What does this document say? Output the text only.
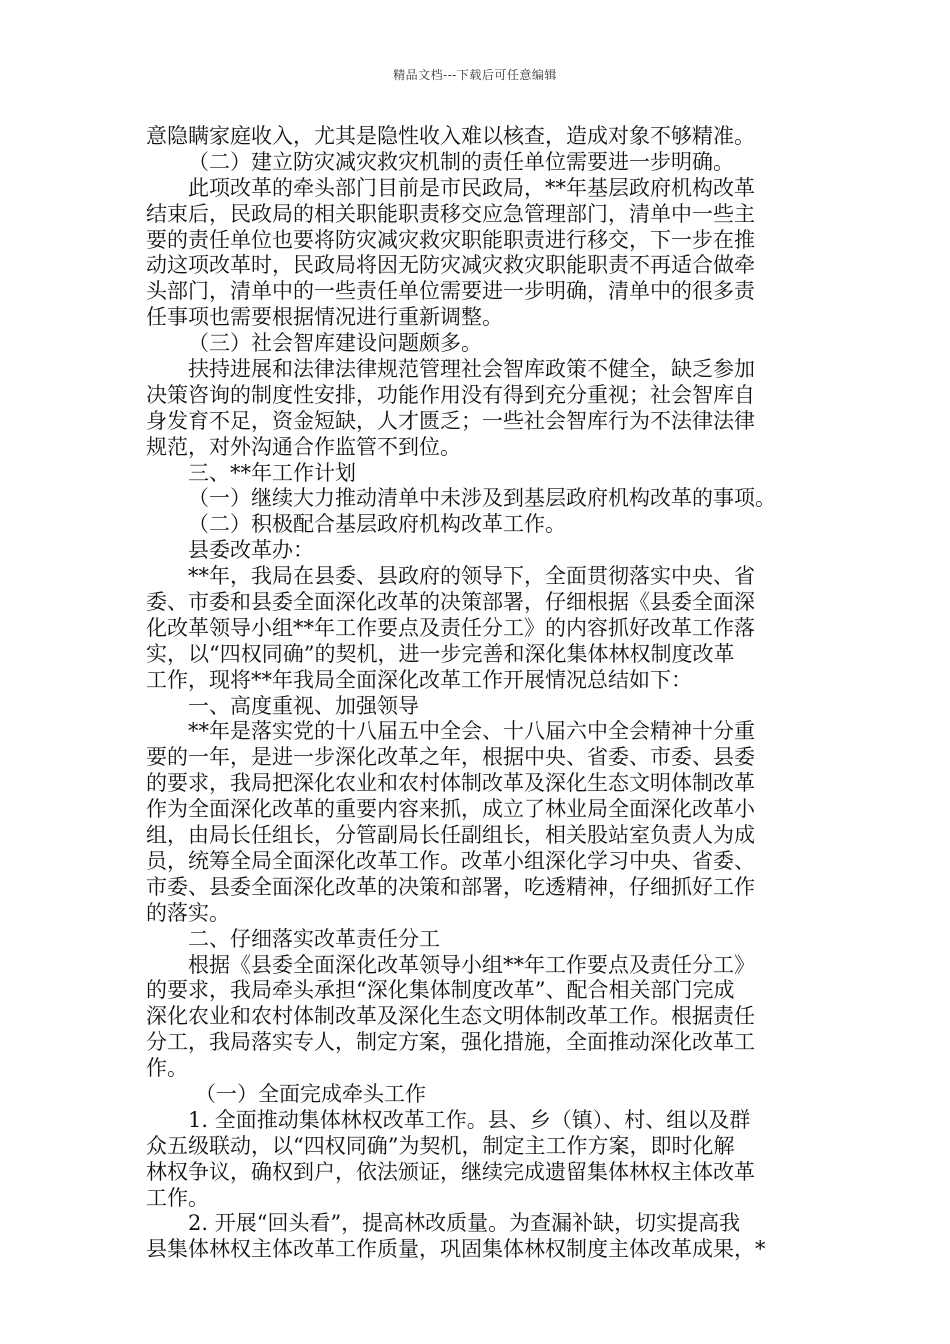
精品文档---下载后可任意编辑
意隐瞒家庭收入，尤其是隐性收入难以核查，造成对象不够精准。
（二）建立防灾减灾救灾机制的责任单位需要进一步明确。
此项改革的牵头部门目前是市民政局，**年基层政府机构改革
结束后，民政局的相关职能职责移交应急管理部门，清单中一些主
要的责任单位也要将防灾减灾救灾职能职责进行移交，下一步在推
动这项改革时，民政局将因无防灾减灾救灾职能职责不再适合做牵
头部门，清单中的一些责任单位需要进一步明确，清单中的很多责
任事项也需要根据情况进行重新调整。
（三）社会智库建设问题颇多。
扶持进展和法律法律规范管理社会智库政策不健全，缺乏参加
决策咨询的制度性安排，功能作用没有得到充分重视；社会智库自
身发育不足，资金短缺，人才匮乏；一些社会智库行为不法律法律
规范，对外沟通合作监管不到位。
三、**年工作计划
（一）继续大力推动清单中未涉及到基层政府机构改革的事项。
（二）积极配合基层政府机构改革工作。
县委改革办：
**年，我局在县委、县政府的领导下，全面贯彻落实中央、省
委、市委和县委全面深化改革的决策部署，仔细根据《县委全面深
化改革领导小组**年工作要点及责任分工》的内容抓好改革工作落
实，以“四权同确”的契机，进一步完善和深化集体林权制度改革
工作，现将**年我局全面深化改革工作开展情况总结如下：
一、高度重视、加强领导
**年是落实党的十八届五中全会、十八届六中全会精神十分重
要的一年，是进一步深化改革之年，根据中央、省委、市委、县委
的要求，我局把深化农业和农村体制改革及深化生态文明体制改革
作为全面深化改革的重要内容来抓，成立了林业局全面深化改革小
组，由局长任组长，分管副局长任副组长，相关股站室负责人为成
员，统筹全局全面深化改革工作。改革小组深化学习中央、省委、
市委、县委全面深化改革的决策和部署，吃透精神，仔细抓好工作
的落实。
二、仔细落实改革责任分工
根据《县委全面深化改革领导小组**年工作要点及责任分工》
的要求，我局牵头承担“深化集体制度改革”、配合相关部门完成
深化农业和农村体制改革及深化生态文明体制改革工作。根据责任
分工，我局落实专人，制定方案，强化措施，全面推动深化改革工
作。
（一）全面完成牵头工作
1. 全面推动集体林权改革工作。县、乡（镇）、村、组以及群
众五级联动，以“四权同确”为契机，制定主工作方案，即时化解
林权争议，确权到户，依法颁证，继续完成遗留集体林权主体改革
工作。
2. 开展“回头看”，提高林改质量。为查漏补缺，切实提高我
县集体林权主体改革工作质量，巩固集体林权制度主体改革成果，*
